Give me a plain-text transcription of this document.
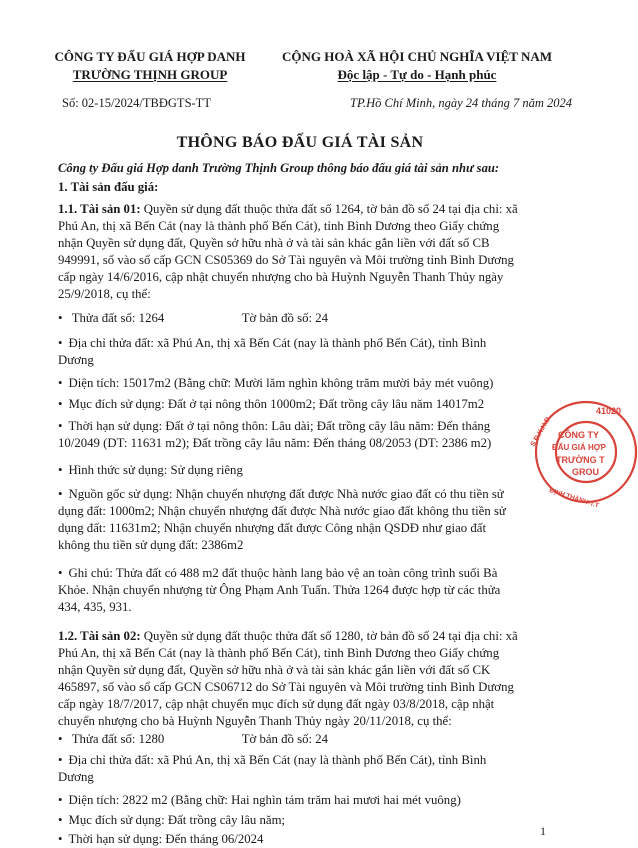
CÔNG TY ĐẤU GIÁ HỢP DANH
TRƯỜNG THỊNH GROUP
Số: 02-15/2024/TBĐGTS-TT
CỘNG HOÀ XÃ HỘI CHỦ NGHĨA VIỆT NAM
Độc lập - Tự do - Hạnh phúc
TP.Hồ Chí Minh, ngày 24 tháng 7 năm 2024
THÔNG BÁO ĐẤU GIÁ TÀI SẢN
Công ty Đấu giá Hợp danh Trường Thịnh Group thông báo đấu giá tài sản như sau:
1. Tài sản đấu giá:
1.1. Tài sản 01: Quyền sử dụng đất thuộc thửa đất số 1264, tờ bản đồ số 24 tại địa chỉ: xã
Phú An, thị xã Bến Cát (nay là thành phố Bến Cát), tỉnh Bình Dương theo Giấy chứng
nhận Quyền sử dụng đất, Quyền sở hữu nhà ở và tài sản khác gắn liền với đất số CB
949991, số vào sổ cấp GCN CS05369 do Sở Tài nguyên và Môi trường tỉnh Bình Dương
cấp ngày 14/6/2016, cập nhật chuyển nhượng cho bà Huỳnh Nguyễn Thanh Thủy ngày
25/9/2018, cụ thể:
• Thửa đất số: 1264	Tờ bản đồ số: 24
• Địa chỉ thửa đất: xã Phú An, thị xã Bến Cát (nay là thành phố Bến Cát), tỉnh Bình
Dương
• Diện tích: 15017m2 (Bằng chữ: Mười lăm nghìn không trăm mười bảy mét vuông)
• Mục đích sử dụng: Đất ở tại nông thôn 1000m2; Đất trồng cây lâu năm 14017m2
• Thời hạn sử dụng: Đất ở tại nông thôn: Lâu dài; Đất trồng cây lâu năm: Đến tháng
10/2049 (DT: 11631 m2); Đất trồng cây lâu năm: Đến tháng 08/2053 (DT: 2386 m2)
• Hình thức sử dụng: Sử dụng riêng
• Nguồn gốc sử dụng: Nhận chuyển nhượng đất được Nhà nước giao đất có thu tiền sử
dụng đất: 1000m2; Nhận chuyển nhượng đất được Nhà nước giao đất không thu tiền sử
dụng đất: 11631m2; Nhận chuyển nhượng đất được Công nhận QSDĐ như giao đất
không thu tiền sử dụng đất: 2386m2
• Ghi chú: Thửa đất có 488 m2 đất thuộc hành lang bảo vệ an toàn công trình suối Bà
Khỏe. Nhận chuyển nhượng từ Ông Phạm Anh Tuấn. Thửa 1264 được hợp từ các thửa
434, 435, 931.
1.2. Tài sản 02: Quyền sử dụng đất thuộc thửa đất số 1280, tờ bản đồ số 24 tại địa chỉ: xã
Phú An, thị xã Bến Cát (nay là thành phố Bến Cát), tỉnh Bình Dương theo Giấy chứng
nhận Quyền sử dụng đất, Quyền sở hữu nhà ở và tài sản khác gắn liền với đất số CK
465897, số vào sổ cấp GCN CS06712 do Sở Tài nguyên và Môi trường tỉnh Bình Dương
cấp ngày 18/7/2017, cập nhật chuyển mục đích sử dụng đất ngày 03/8/2018, cập nhật
chuyển nhượng cho bà Huỳnh Nguyễn Thanh Thủy ngày 20/11/2018, cụ thể:
• Thửa đất số: 1280	Tờ bản đồ số: 24
• Địa chỉ thửa đất: xã Phú An, thị xã Bến Cát (nay là thành phố Bến Cát), tỉnh Bình
Dương
• Diện tích: 2822 m2 (Bằng chữ: Hai nghìn tám trăm hai mươi hai mét vuông)
• Mục đích sử dụng: Đất trồng cây lâu năm;
• Thời hạn sử dụng: Đến tháng 06/2024
1
41020
S.Đ.K.H.Đ CÔNG TY
ĐẤU GIÁ HỢP
TRƯỜNG T
GROU
ĐỊNH THÀNH-T.T
